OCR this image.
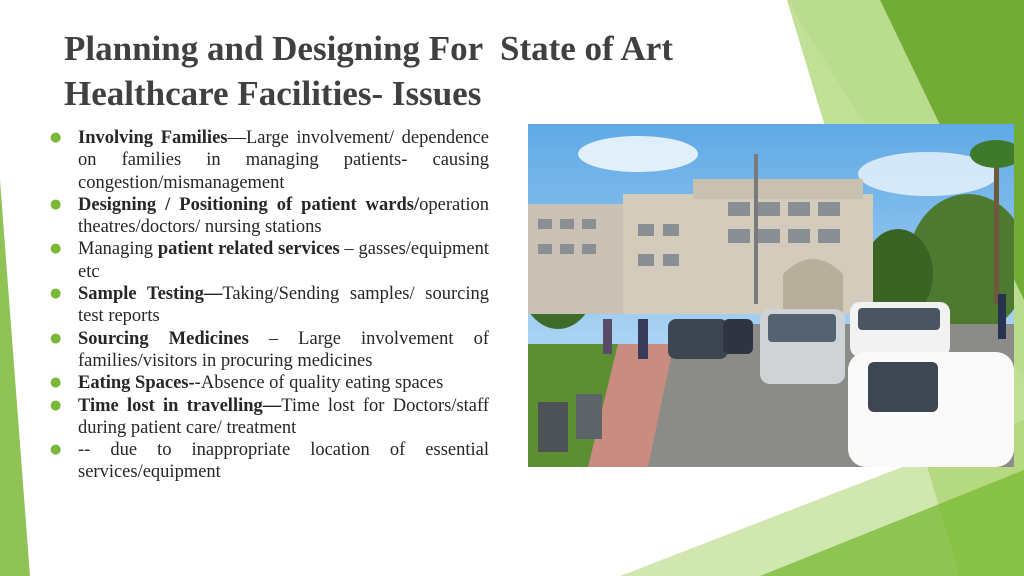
Planning and Designing For  State of Art
Healthcare Facilities- Issues
● Involving Families—Large involvement/ dependence on families in managing patients- causing congestion/mismanagement
● Designing / Positioning of patient wards/operation theatres/doctors/ nursing stations
● Managing patient related services – gasses/equipment etc
● Sample Testing—Taking/Sending samples/ sourcing test reports
● Sourcing Medicines – Large involvement of families/visitors in procuring medicines
● Eating Spaces--Absence of quality eating spaces
● Time lost in travelling—Time lost for Doctors/staff during patient care/ treatment
● -- due to inappropriate location of essential services/equipment
